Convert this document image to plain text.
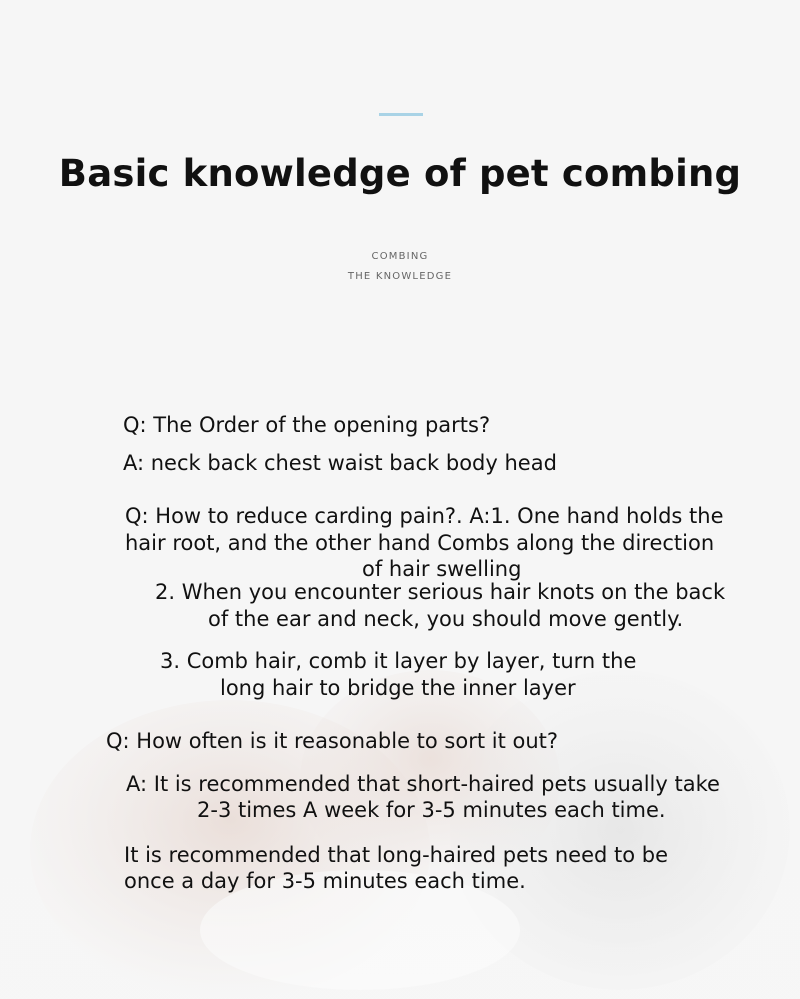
Basic knowledge of pet combing
COMBING
THE KNOWLEDGE
Q: The Order of the opening parts?
A: neck back chest waist back body head
Q: How to reduce carding pain?. A:1. One hand holds the
hair root, and the other hand Combs along the direction
of hair swelling
2. When you encounter serious hair knots on the back
of the ear and neck, you should move gently.
3. Comb hair, comb it layer by layer, turn the
long hair to bridge the inner layer
Q: How often is it reasonable to sort it out?
A: It is recommended that short-haired pets usually take
2-3 times A week for 3-5 minutes each time.
It is recommended that long-haired pets need to be
once a day for 3-5 minutes each time.
